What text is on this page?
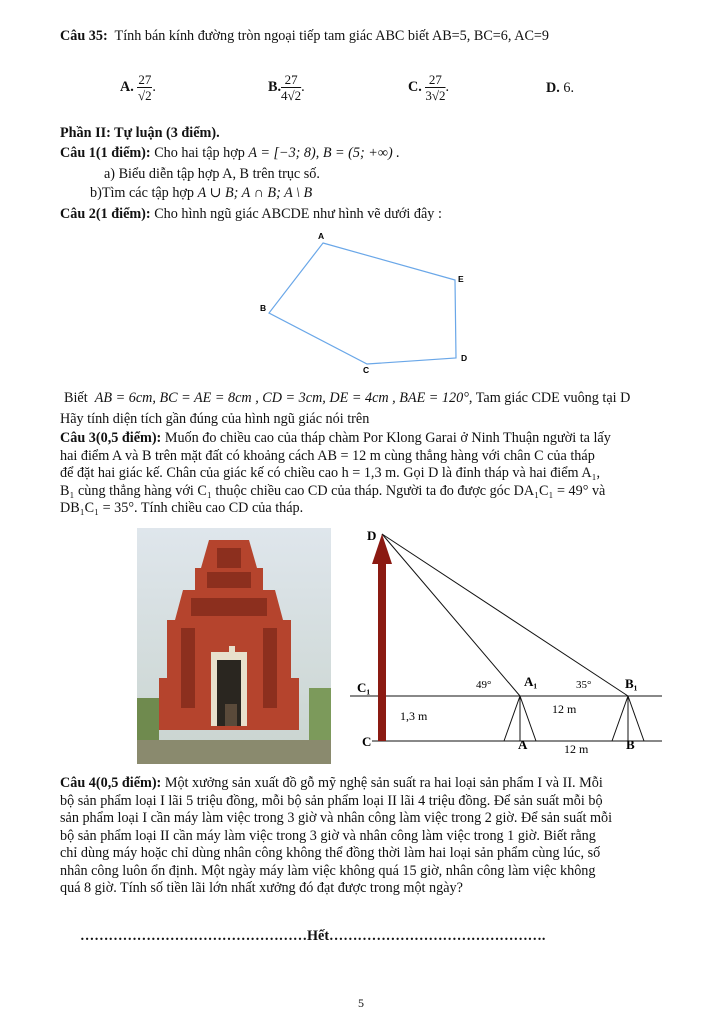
Câu 35: Tính bán kính đường tròn ngoại tiếp tam giác ABC biết AB=5, BC=6, AC=9
A. $\frac{27}{√2}$ .	B. $\frac{27}{4√2}$ .	C. $\frac{27}{3√2}$ .	D. 6.
Phần II: Tự luận (3 điểm).
Câu 1(1 điểm): Cho hai tập hợp A = [−3; 8), B = (5; +∞) .
a) Biểu diễn tập hợp A, B trên trục số.
b)Tìm các tập hợp A ∪ B; A ∩ B; A \ B
Câu 2(1 điểm): Cho hình ngũ giác ABCDE như hình vẽ dưới đây :
A
B
C
D
E
Biết AB = 6cm, BC = AE = 8cm , CD = 3cm, DE = 4cm , BAE = 120°, Tam giác CDE vuông tại D
Hãy tính diện tích gần đúng của hình ngũ giác nói trên
Câu 3(0,5 điểm): Muốn đo chiều cao của tháp chàm Por Klong Garai ở Ninh Thuận người ta lấy
hai điểm A và B trên mặt đất có khoảng cách AB = 12 m cùng thẳng hàng với chân C của tháp
để đặt hai giác kế. Chân của giác kế có chiều cao h = 1,3 m. Gọi D là đỉnh tháp và hai điểm A₁,
B₁ cùng thẳng hàng với C₁ thuộc chiều cao CD của tháp. Người ta đo được góc DA₁C₁ = 49° và
DB₁C₁ = 35°. Tính chiều cao CD của tháp.
D
C₁
C
A₁	B₁
A	B
49°	35°
1,3 m	12 m
12 m
Câu 4(0,5 điểm): Một xưởng sản xuất đồ gỗ mỹ nghệ sản suất ra hai loại sản phẩm I và II. Mỗi
bộ sản phẩm loại I lãi 5 triệu đồng, mỗi bộ sản phẩm loại II lãi 4 triệu đồng. Để sản suất mỗi bộ
sản phẩm loại I cần máy làm việc trong 3 giờ và nhân công làm việc trong 2 giờ. Để sản suất mỗi
bộ sản phẩm loại II cần máy làm việc trong 3 giờ và nhân công làm việc trong 1 giờ. Biết rằng
chỉ dùng máy hoặc chỉ dùng nhân công không thể đồng thời làm hai loại sản phẩm cùng lúc, số
nhân công luôn ổn định. Một ngày máy làm việc không quá 15 giờ, nhân công làm việc không
quá 8 giờ. Tính số tiền lãi lớn nhất xưởng đó đạt được trong một ngày?
…………………………………………Hết……………………………………….
5
